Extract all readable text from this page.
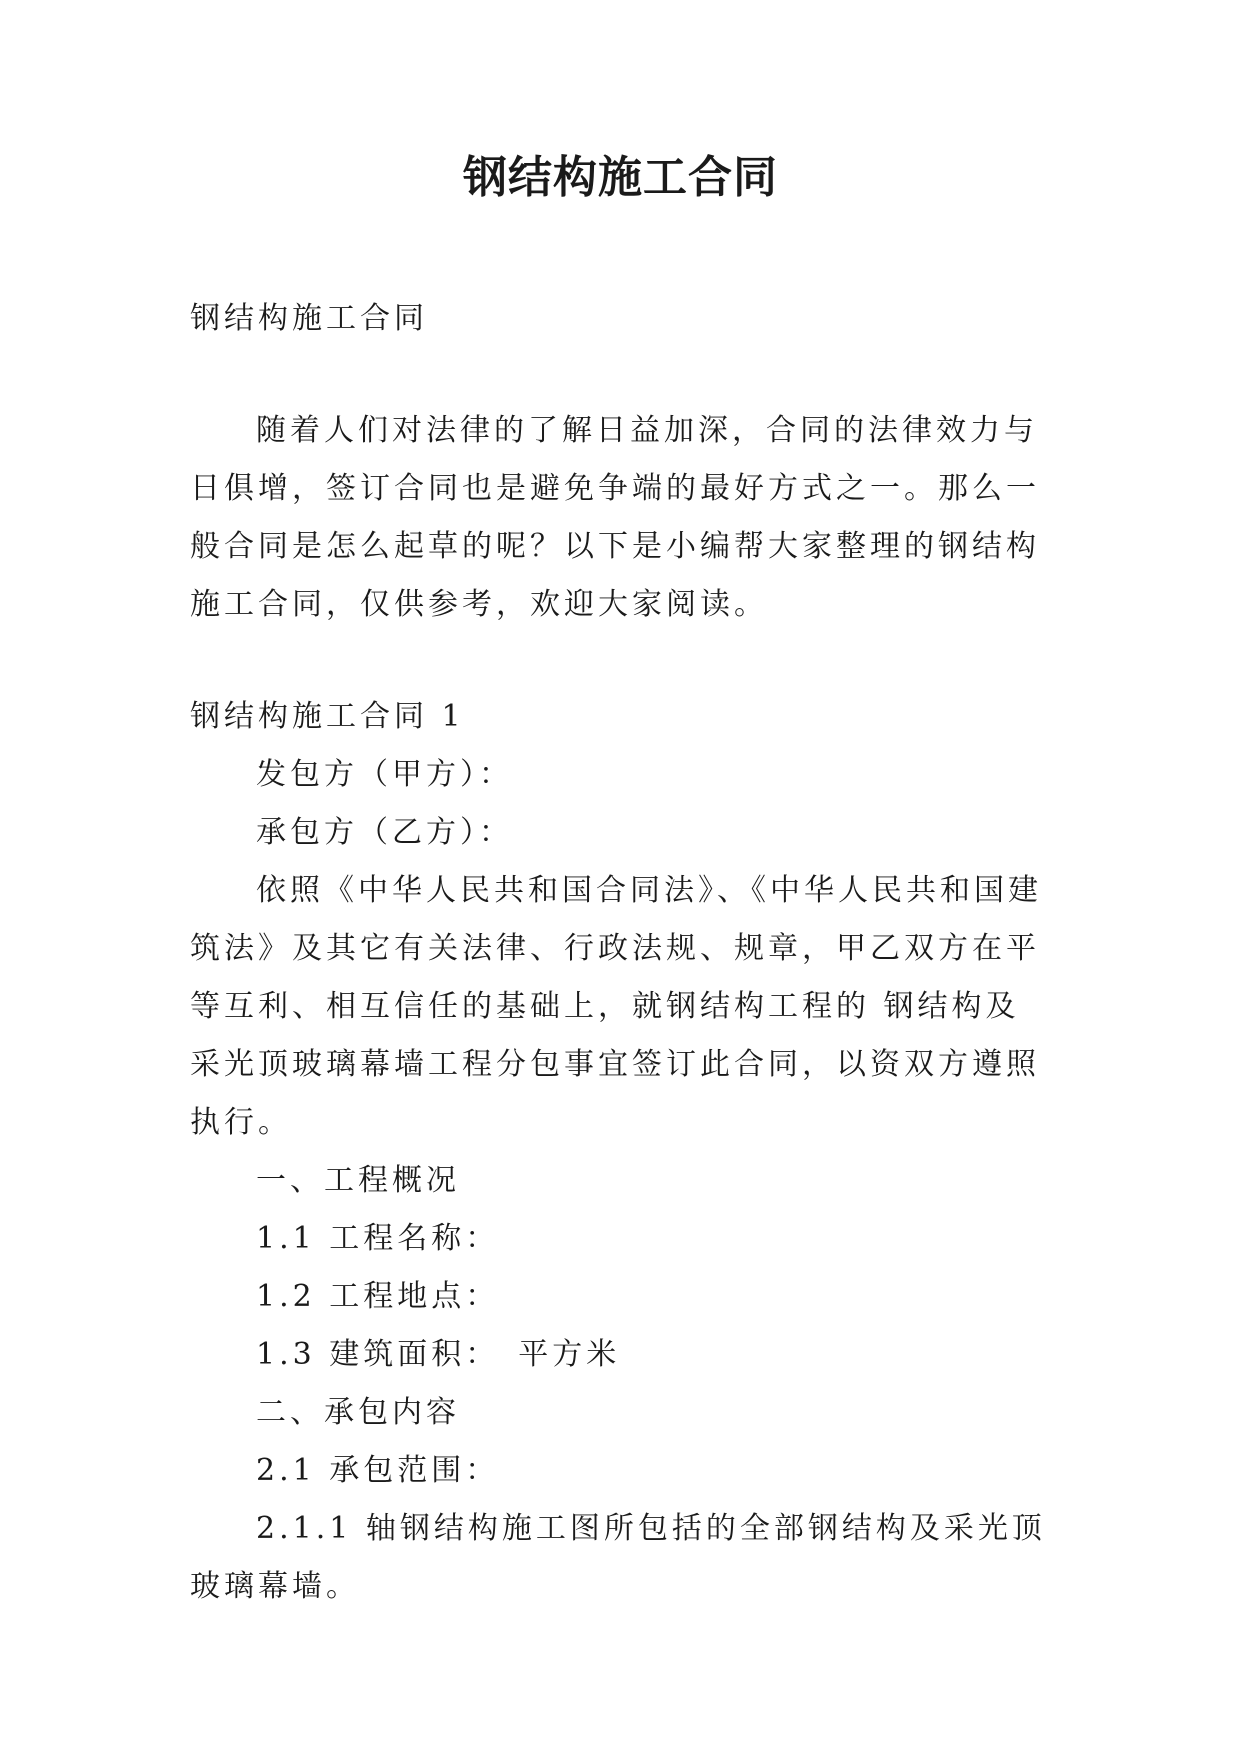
钢结构施工合同

钢结构施工合同

随着人们对法律的了解日益加深，合同的法律效力与日俱增，签订合同也是避免争端的最好方式之一。那么一般合同是怎么起草的呢？以下是小编帮大家整理的钢结构施工合同，仅供参考，欢迎大家阅读。

钢结构施工合同 1

发包方（甲方）：

承包方（乙方）：

依照《中华人民共和国合同法》、《中华人民共和国建筑法》及其它有关法律、行政法规、规章，甲乙双方在平等互利、相互信任的基础上，就钢结构工程的 钢结构及采光顶玻璃幕墙工程分包事宜签订此合同，以资双方遵照执行。

一、工程概况

1.1 工程名称：

1.2 工程地点：

1.3 建筑面积：　平方米

二、承包内容

2.1 承包范围：

2.1.1 轴钢结构施工图所包括的全部钢结构及采光顶玻璃幕墙。
